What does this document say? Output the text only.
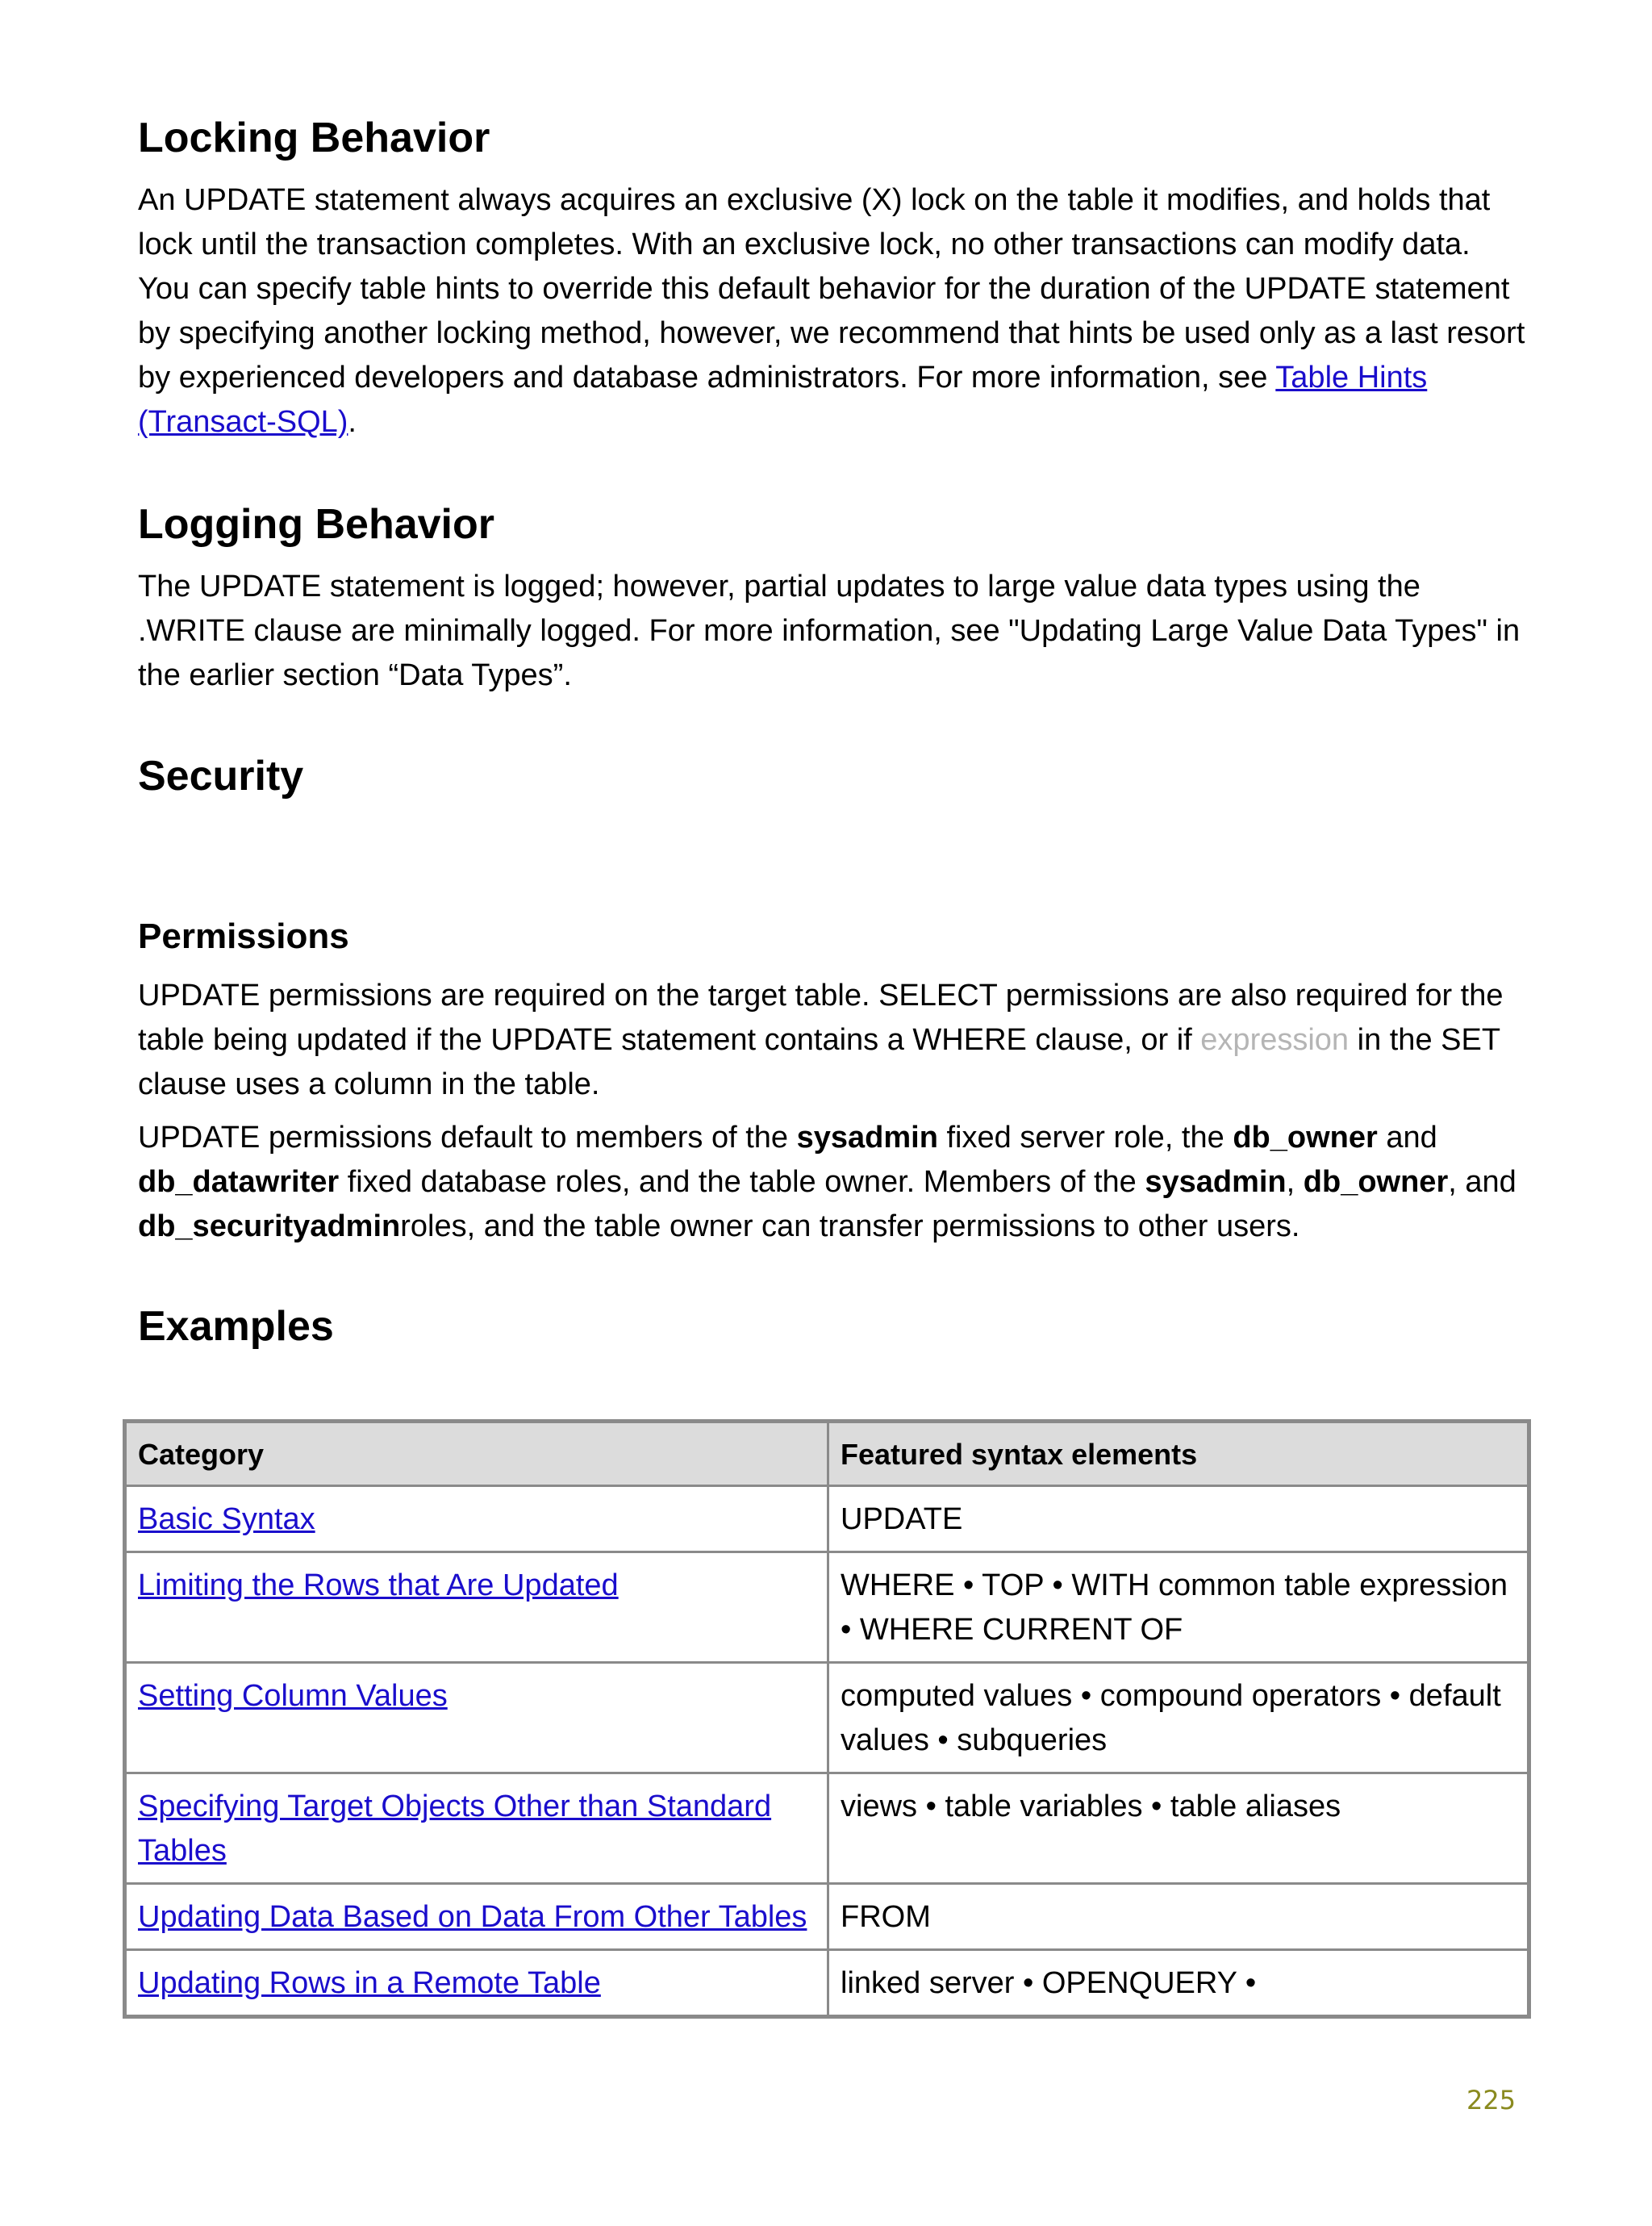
Locking Behavior

An UPDATE statement always acquires an exclusive (X) lock on the table it modifies, and holds that lock until the transaction completes. With an exclusive lock, no other transactions can modify data. You can specify table hints to override this default behavior for the duration of the UPDATE statement by specifying another locking method, however, we recommend that hints be used only as a last resort by experienced developers and database administrators. For more information, see Table Hints (Transact-SQL).

Logging Behavior

The UPDATE statement is logged; however, partial updates to large value data types using the .WRITE clause are minimally logged. For more information, see "Updating Large Value Data Types" in the earlier section “Data Types”.

Security
Permissions

UPDATE permissions are required on the target table. SELECT permissions are also required for the table being updated if the UPDATE statement contains a WHERE clause, or if expression in the SET clause uses a column in the table.

UPDATE permissions default to members of the sysadmin fixed server role, the db_owner and db_datawriter fixed database roles, and the table owner. Members of the sysadmin, db_owner, and db_securityadminroles, and the table owner can transfer permissions to other users.

Examples
Category	Featured syntax elements
Basic Syntax	UPDATE
Limiting the Rows that Are Updated	WHERE • TOP • WITH common table expression • WHERE CURRENT OF
Setting Column Values	computed values • compound operators • default values • subqueries
Specifying Target Objects Other than Standard Tables	views • table variables • table aliases
Updating Data Based on Data From Other Tables	FROM
Updating Rows in a Remote Table	linked server • OPENQUERY •
225
